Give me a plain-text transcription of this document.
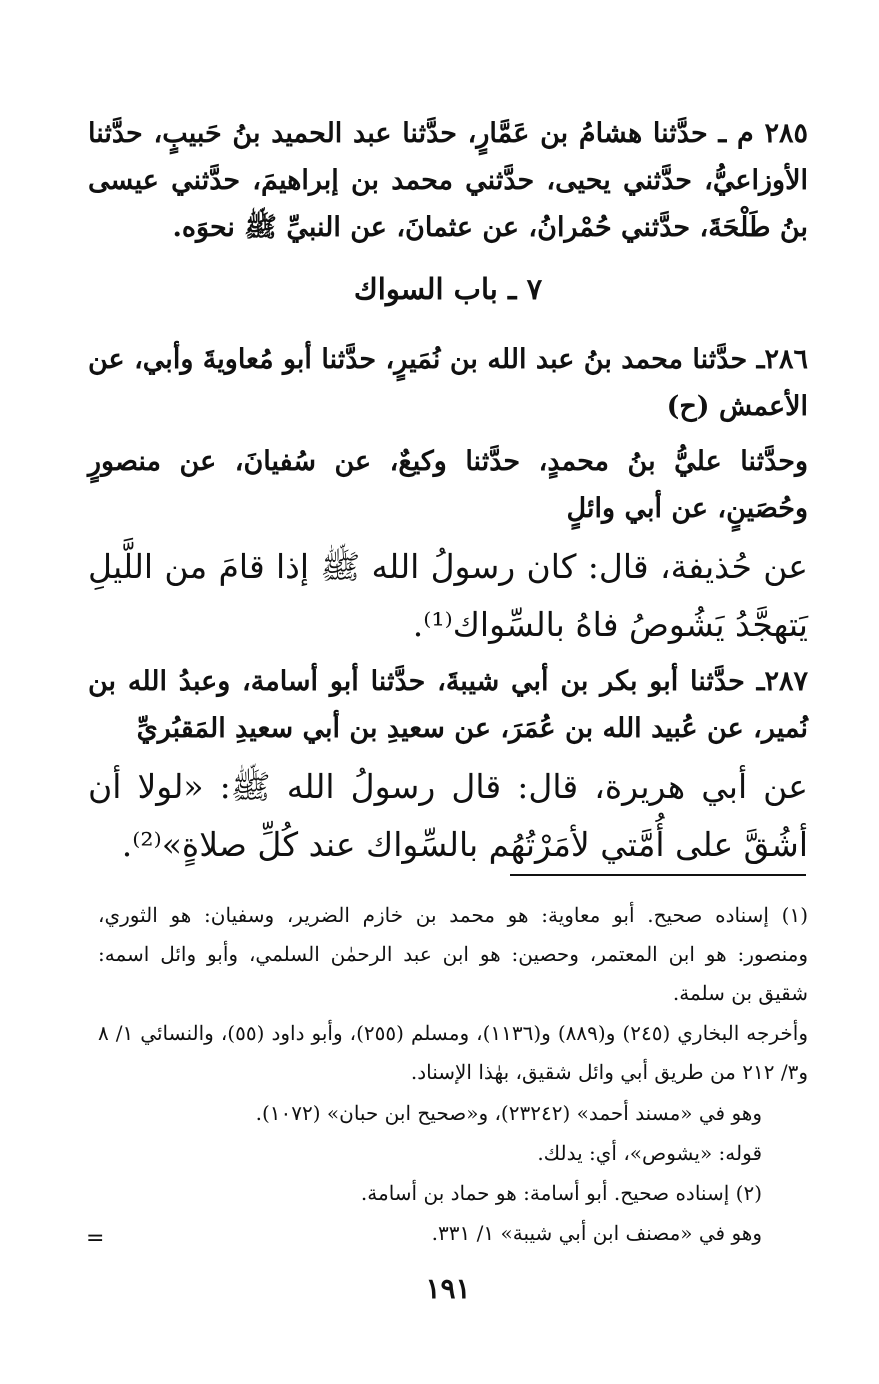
٢٨٥ م ـ حدَّثنا هشامُ بن عَمَّارٍ، حدَّثنا عبد الحميد بنُ حَبيبٍ، حدَّثنا الأوزاعيُّ، حدَّثني يحيى، حدَّثني محمد بن إبراهيمَ، حدَّثني عيسى بنُ طَلْحَةَ، حدَّثني حُمْرانُ، عن عثمانَ، عن النبيِّ ﷺ نحوَه.

٧ ـ باب السواك

٢٨٦ـ حدَّثنا محمد بنُ عبد الله بن نُمَيرٍ، حدَّثنا أبو مُعاويةَ وأبي، عن الأعمش (ح)

وحدَّثنا عليُّ بنُ محمدٍ، حدَّثنا وكيعٌ، عن سُفيانَ، عن منصورٍ وحُصَينٍ، عن أبي وائلٍ

عن حُذيفة، قال: كان رسولُ الله ﷺ إذا قامَ من اللَّيلِ يَتهجَّدُ يَشُوصُ فاهُ بالسِّواك⁽¹⁾.

٢٨٧ـ حدَّثنا أبو بكر بن أبي شيبةَ، حدَّثنا أبو أسامة، وعبدُ الله بن نُمير، عن عُبيد الله بن عُمَرَ، عن سعيدِ بن أبي سعيدِ المَقبُريِّ

عن أبي هريرة، قال: قال رسولُ الله ﷺ: «لولا أن أشُقَّ على أُمَّتي لأمَرْتُهُم بالسِّواك عند كُلِّ صلاةٍ»⁽²⁾.

(١) إسناده صحيح. أبو معاوية: هو محمد بن خازم الضرير، وسفيان: هو الثوري، ومنصور: هو ابن المعتمر، وحصين: هو ابن عبد الرحمٰن السلمي، وأبو وائل اسمه: شقيق بن سلمة.

وأخرجه البخاري (٢٤٥) و(٨٨٩) و(١١٣٦)، ومسلم (٢٥٥)، وأبو داود (٥٥)، والنسائي ١/ ٨ و٣/ ٢١٢ من طريق أبي وائل شقيق، بهٰذا الإسناد.

وهو في «مسند أحمد» (٢٣٢٤٢)، و«صحيح ابن حبان» (١٠٧٢).

قوله: «يشوص»، أي: يدلك.

(٢) إسناده صحيح. أبو أسامة: هو حماد بن أسامة.

وهو في «مصنف ابن أبي شيبة» ١/ ٣٣١.

=
١٩١
